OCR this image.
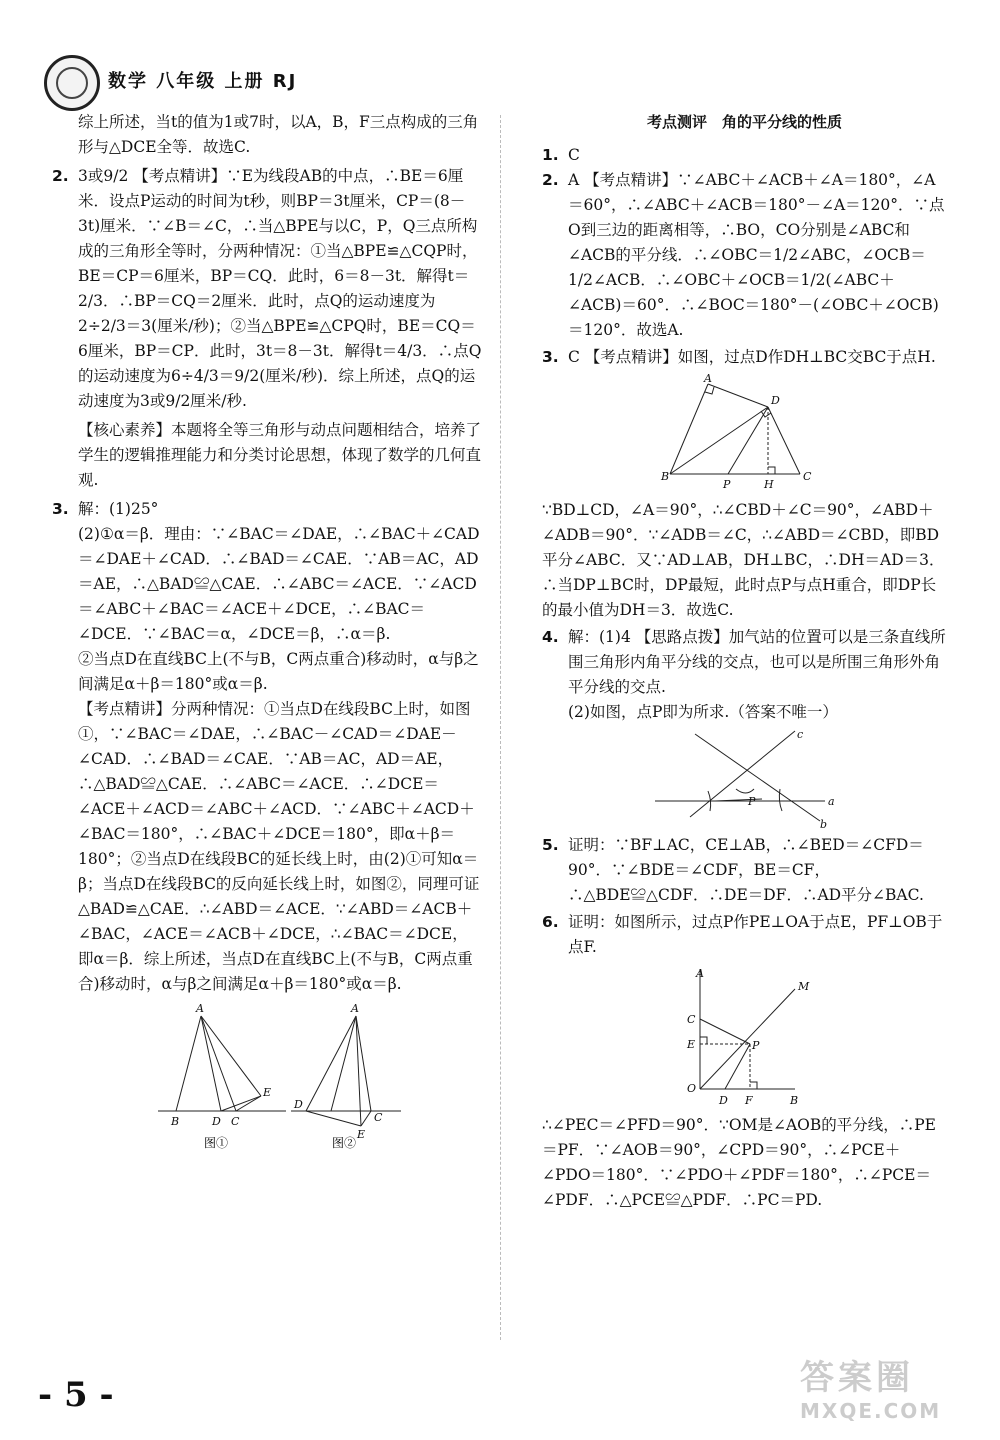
数学 八年级 上册 RJ

综上所述，当t的值为1或7时，以A，B，F三点构成的三角形与△DCE全等．故选C.

2. 3或9/2 【考点精讲】∵E为线段AB的中点，∴BE＝6厘米．设点P运动的时间为t秒，则BP＝3t厘米，CP＝(8－3t)厘米．∵∠B＝∠C，∴当△BPE与以C，P，Q三点所构成的三角形全等时，分两种情况：①当△BPE≌△CQP时，BE＝CP＝6厘米，BP＝CQ．此时，6＝8－3t．解得t＝2/3．∴BP＝CQ＝2厘米．此时，点Q的运动速度为2÷2/3＝3(厘米/秒)；②当△BPE≌△CPQ时，BE＝CQ＝6厘米，BP＝CP．此时，3t＝8－3t．解得t＝4/3．∴点Q的运动速度为6÷4/3＝9/2(厘米/秒)．综上所述，点Q的运动速度为3或9/2厘米/秒.

【核心素养】本题将全等三角形与动点问题相结合，培养了学生的逻辑推理能力和分类讨论思想，体现了数学的几何直观.

3. 解：(1)25°

(2)①α＝β．理由：∵∠BAC＝∠DAE，∴∠BAC＋∠CAD＝∠DAE＋∠CAD．∴∠BAD＝∠CAE．∵AB＝AC，AD＝AE，∴△BAD≌△CAE．∴∠ABC＝∠ACE．∵∠ACD＝∠ABC＋∠BAC＝∠ACE＋∠DCE，∴∠BAC＝∠DCE．∵∠BAC＝α，∠DCE＝β，∴α＝β.

②当点D在直线BC上(不与B，C两点重合)移动时，α与β之间满足α＋β＝180°或α＝β.

【考点精讲】分两种情况：①当点D在线段BC上时，如图①，∵∠BAC＝∠DAE，∴∠BAC－∠CAD＝∠DAE－∠CAD．∴∠BAD＝∠CAE．∵AB＝AC，AD＝AE，∴△BAD≌△CAE．∴∠ABC＝∠ACE．∴∠DCE＝∠ACE＋∠ACD＝∠ABC＋∠ACD．∵∠ABC＋∠ACD＋∠BAC＝180°，∴∠BAC＋∠DCE＝180°，即α＋β＝180°；②当点D在线段BC的延长线上时，由(2)①可知α＝β；当点D在线段BC的反向延长线上时，如图②，同理可证△BAD≌△CAE．∴∠ABD＝∠ACE．∵∠ABD＝∠ACB＋∠BAC，∠ACE＝∠ACB＋∠DCE，∴∠BAC＝∠DCE，即α＝β．综上所述，当点D在直线BC上(不与B，C两点重合)移动时，α与β之间满足α＋β＝180°或α＝β.

A
B	D C
E
A
D
C
E
图①	图②
考点测评　角的平分线的性质
1. C

2. A 【考点精讲】∵∠ABC＋∠ACB＋∠A＝180°，∠A＝60°，∴∠ABC＋∠ACB＝180°－∠A＝120°．∵点O到三边的距离相等，∴BO，CO分别是∠ABC和∠ACB的平分线．∴∠OBC＝1/2∠ABC，∠OCB＝1/2∠ACB．∴∠OBC＋∠OCB＝1/2(∠ABC＋∠ACB)＝60°．∴∠BOC＝180°－(∠OBC＋∠OCB)＝120°．故选A.

3. C 【考点精讲】如图，过点D作DH⊥BC交BC于点H.

A
B	C
D
P	H

∵BD⊥CD，∠A＝90°，∴∠CBD＋∠C＝90°，∠ABD＋∠ADB＝90°．∵∠ADB＝∠C，∴∠ABD＝∠CBD，即BD平分∠ABC．又∵AD⊥AB，DH⊥BC，∴DH＝AD＝3．∴当DP⊥BC时，DP最短，此时点P与点H重合，即DP长的最小值为DH＝3．故选C.

4. 解：(1)4 【思路点拨】加气站的位置可以是三条直线所围三角形内角平分线的交点，也可以是所围三角形外角平分线的交点.

(2)如图，点P即为所求.（答案不唯一）

a
b
c
P
5. 证明：∵BF⊥AC，CE⊥AB，∴∠BED＝∠CFD＝90°．∵∠BDE＝∠CDF，BE＝CF，∴△BDE≌△CDF．∴DE＝DF．∴AD平分∠BAC.

6. 证明：如图所示，过点P作PE⊥OA于点E，PF⊥OB于点F.

A
M
C
E	P
O
D F	B

∴∠PEC＝∠PFD＝90°．∵OM是∠AOB的平分线，∴PE＝PF．∵∠AOB＝90°，∠CPD＝90°，∴∠PCE＋∠PDO＝180°．∵∠PDO＋∠PDF＝180°，∴∠PCE＝∠PDF．∴△PCE≌△PDF．∴PC＝PD.

- 5 -	答案圈
MXQE.COM
